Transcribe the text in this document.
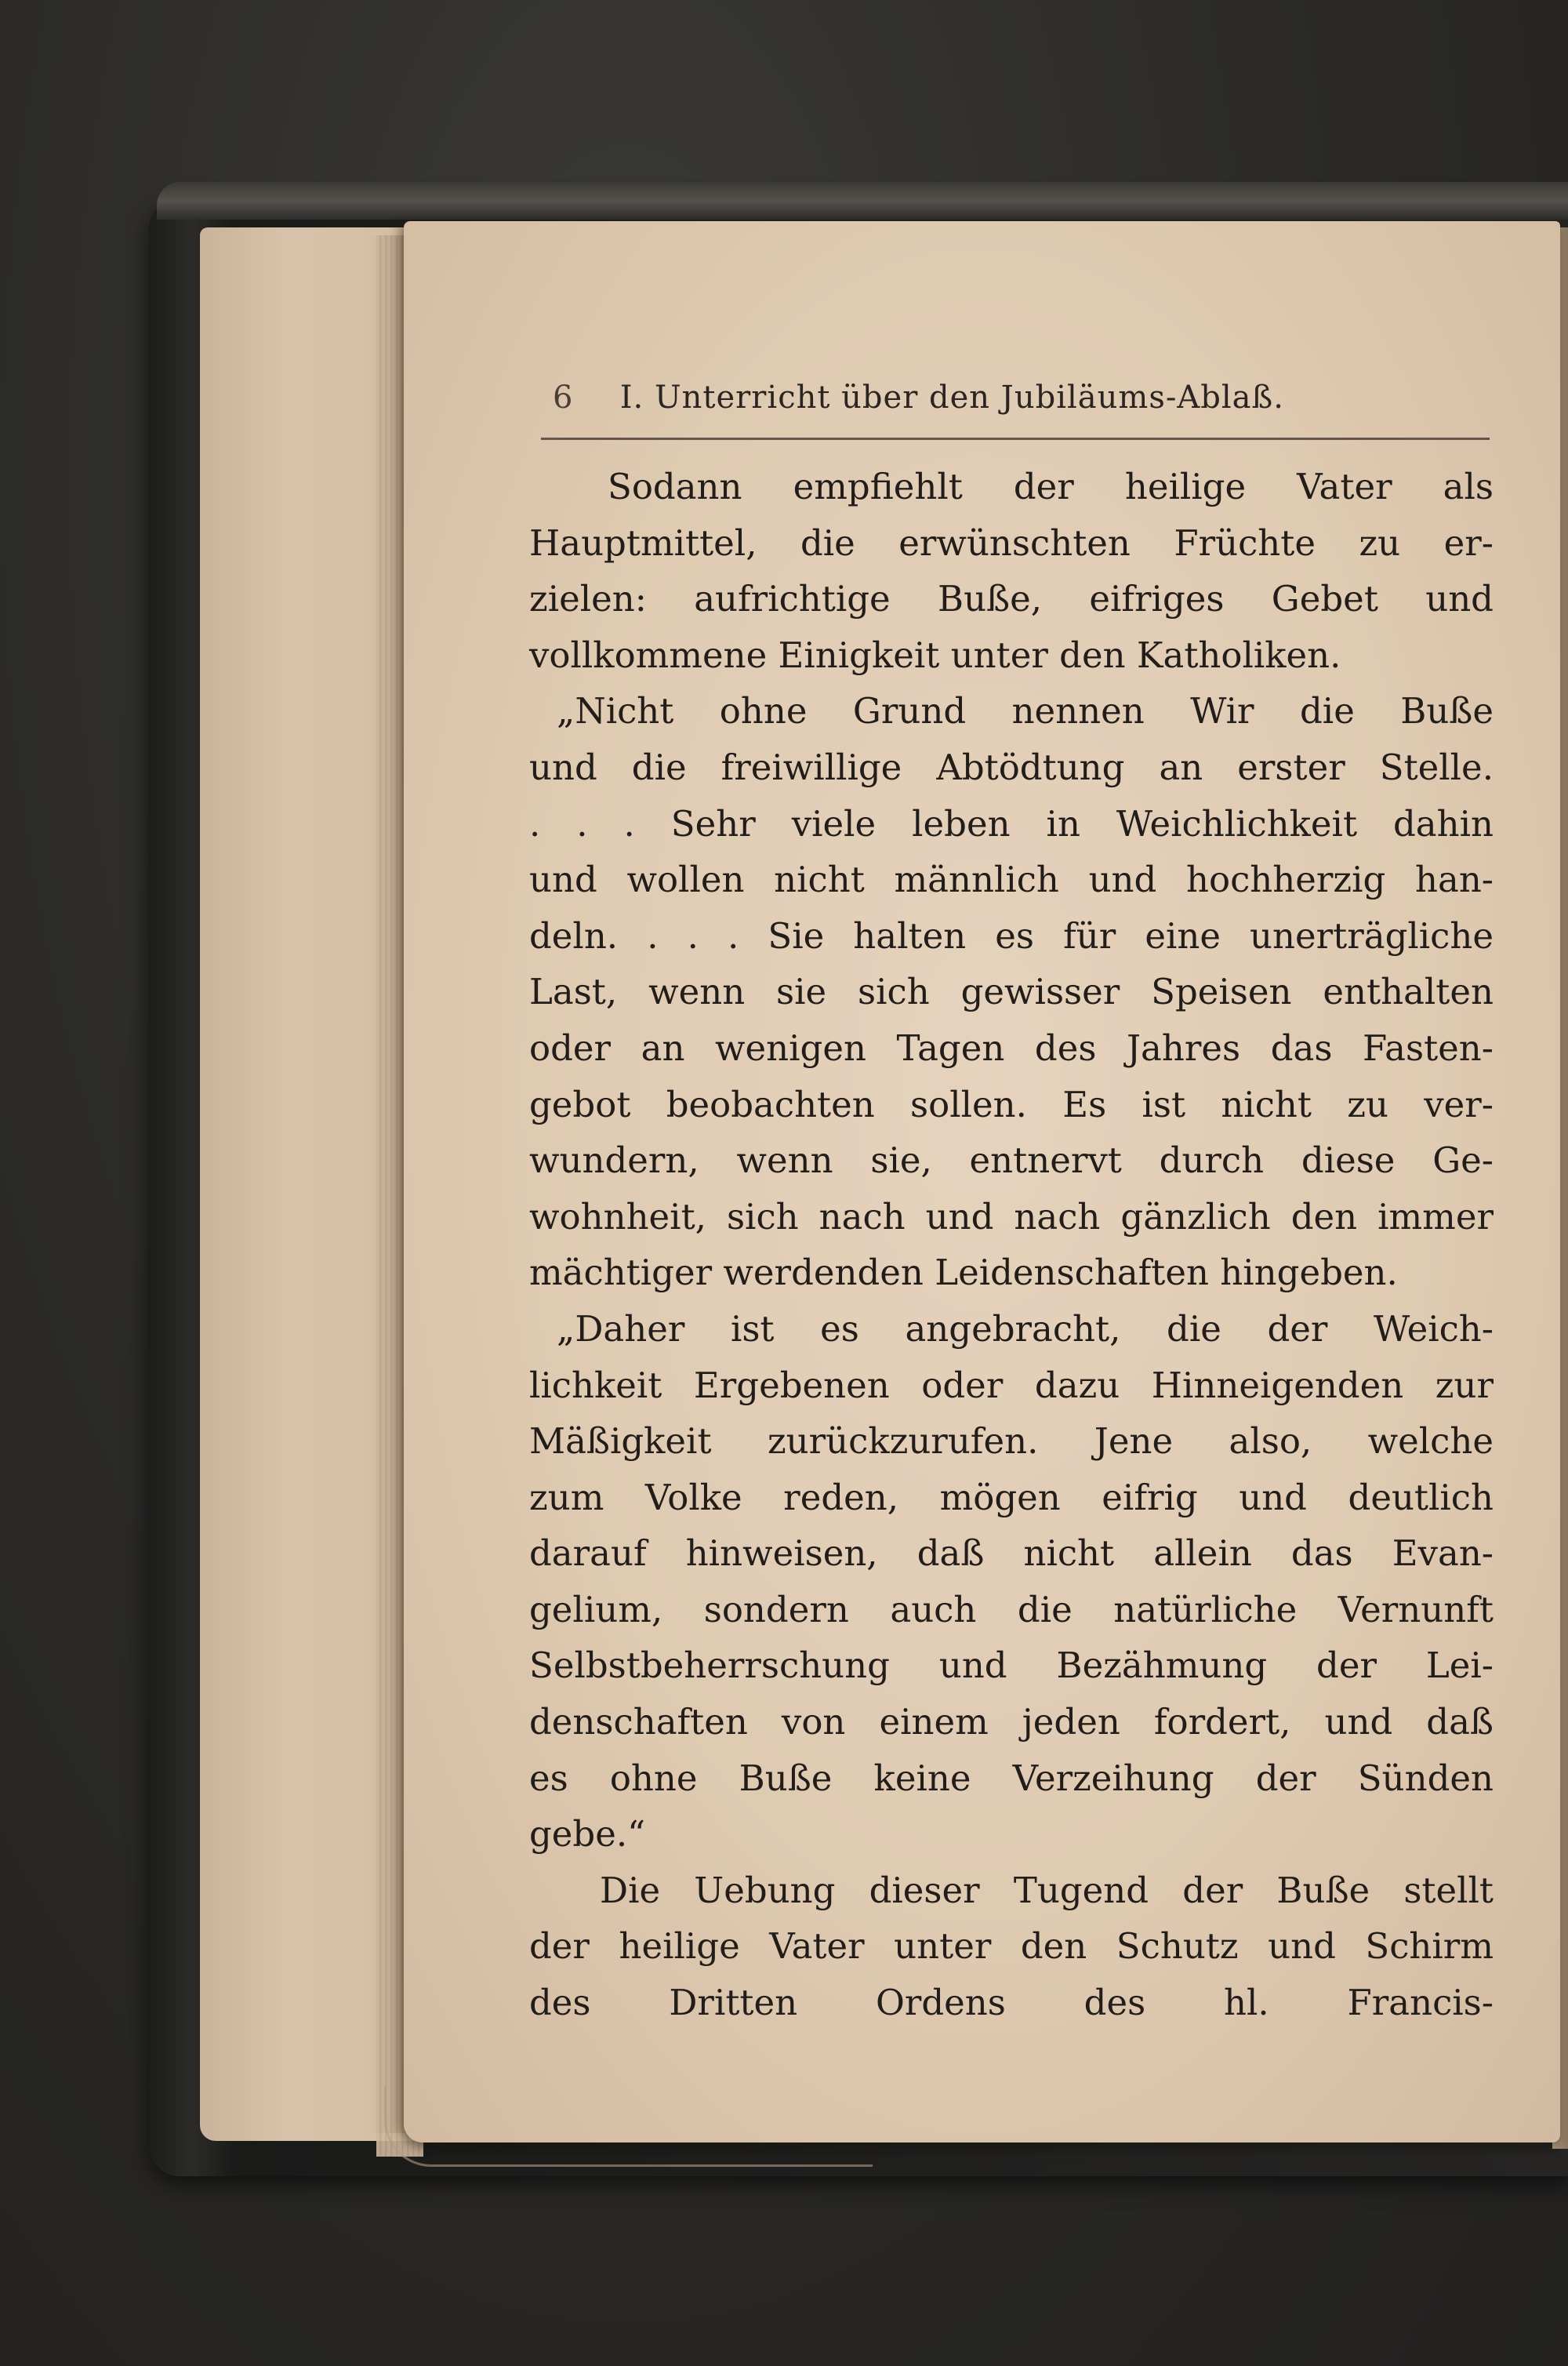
6 I. Unterricht über den Jubiläums-Ablaß.
Sodann empfiehlt der heilige Vater als
Hauptmittel, die erwünschten Früchte zu er-
zielen: aufrichtige Buße, eifriges Gebet und
vollkommene Einigkeit unter den Katholiken.
„Nicht ohne Grund nennen Wir die Buße
und die freiwillige Abtödtung an erster Stelle.
. . . Sehr viele leben in Weichlichkeit dahin
und wollen nicht männlich und hochherzig han-
deln. . . . Sie halten es für eine unerträgliche
Last, wenn sie sich gewisser Speisen enthalten
oder an wenigen Tagen des Jahres das Fasten-
gebot beobachten sollen. Es ist nicht zu ver-
wundern, wenn sie, entnervt durch diese Ge-
wohnheit, sich nach und nach gänzlich den immer
mächtiger werdenden Leidenschaften hingeben.
„Daher ist es angebracht, die der Weich-
lichkeit Ergebenen oder dazu Hinneigenden zur
Mäßigkeit zurückzurufen. Jene also, welche
zum Volke reden, mögen eifrig und deutlich
darauf hinweisen, daß nicht allein das Evan-
gelium, sondern auch die natürliche Vernunft
Selbstbeherrschung und Bezähmung der Lei-
denschaften von einem jeden fordert, und daß
es ohne Buße keine Verzeihung der Sünden
gebe.“
Die Uebung dieser Tugend der Buße stellt
der heilige Vater unter den Schutz und Schirm
des Dritten Ordens des hl. Francis-
